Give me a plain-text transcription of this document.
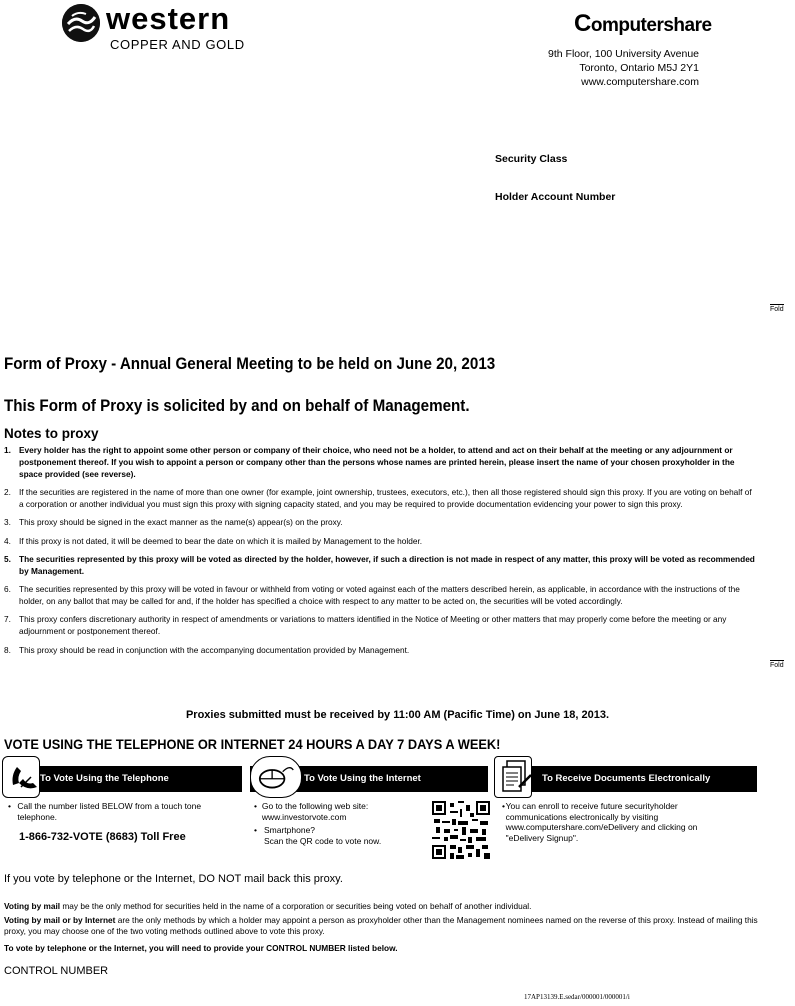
western
COPPER AND GOLD
Computershare
9th Floor, 100 University Avenue
Toronto, Ontario M5J 2Y1
www.computershare.com
Security Class
Holder Account Number
Fold
Fold
Form of Proxy - Annual General Meeting to be held on June 20, 2013
This Form of Proxy is solicited by and on behalf of Management.
Notes to proxy
1. Every holder has the right to appoint some other person or company of their choice, who need not be a holder, to attend and act on their behalf at the meeting or any adjournment or postponement thereof. If you wish to appoint a person or company other than the persons whose names are printed herein, please insert the name of your chosen proxyholder in the space provided (see reverse).
2. If the securities are registered in the name of more than one owner (for example, joint ownership, trustees, executors, etc.), then all those registered should sign this proxy. If you are voting on behalf of a corporation or another individual you must sign this proxy with signing capacity stated, and you may be required to provide documentation evidencing your power to sign this proxy.
3. This proxy should be signed in the exact manner as the name(s) appear(s) on the proxy.
4. If this proxy is not dated, it will be deemed to bear the date on which it is mailed by Management to the holder.
5. The securities represented by this proxy will be voted as directed by the holder, however, if such a direction is not made in respect of any matter, this proxy will be voted as recommended by Management.
6. The securities represented by this proxy will be voted in favour or withheld from voting or voted against each of the matters described herein, as applicable, in accordance with the instructions of the holder, on any ballot that may be called for and, if the holder has specified a choice with respect to any matter to be acted on, the securities will be voted accordingly.
7. This proxy confers discretionary authority in respect of amendments or variations to matters identified in the Notice of Meeting or other matters that may properly come before the meeting or any adjournment or postponement thereof.
8. This proxy should be read in conjunction with the accompanying documentation provided by Management.
Proxies submitted must be received by 11:00 AM (Pacific Time) on June 18, 2013.
VOTE USING THE TELEPHONE OR INTERNET 24 HOURS A DAY 7 DAYS A WEEK!
To Vote Using the Telephone	To Vote Using the Internet	To Receive Documents Electronically
• Call the number listed BELOW from a touch tone telephone.
1-866-732-VOTE (8683) Toll Free
• Go to the following web site: www.investorvote.com
• Smartphone?
Scan the QR code to vote now.
• You can enroll to receive future securityholder communications electronically by visiting www.computershare.com/eDelivery and clicking on "eDelivery Signup".
If you vote by telephone or the Internet, DO NOT mail back this proxy.
Voting by mail may be the only method for securities held in the name of a corporation or securities being voted on behalf of another individual.
Voting by mail or by Internet are the only methods by which a holder may appoint a person as proxyholder other than the Management nominees named on the reverse of this proxy. Instead of mailing this proxy, you may choose one of the two voting methods outlined above to vote this proxy.
To vote by telephone or the Internet, you will need to provide your CONTROL NUMBER listed below.
CONTROL NUMBER
17AP13139.E.sedar/000001/000001/i
